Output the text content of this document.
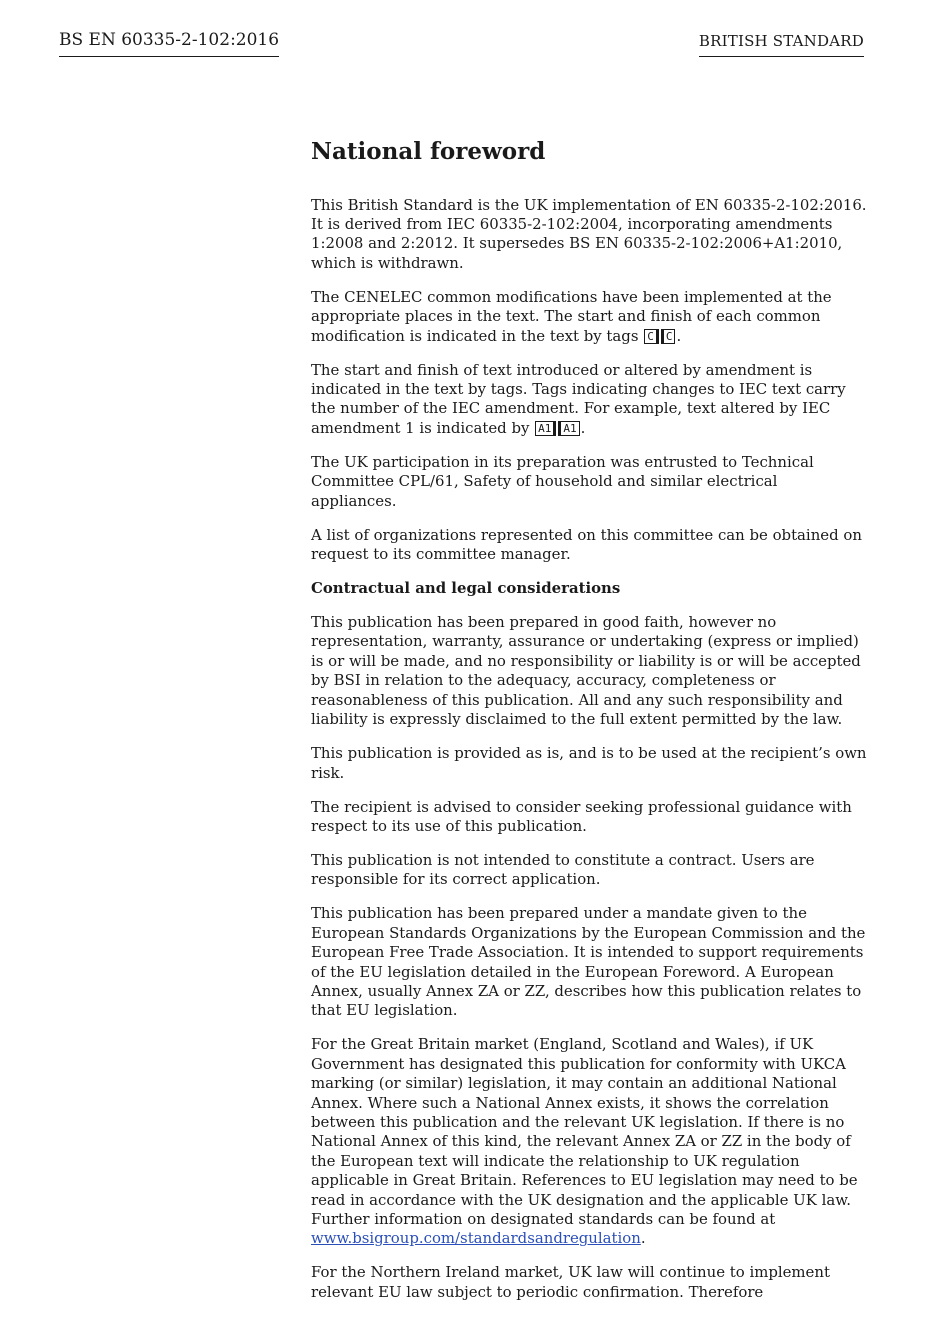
BS EN 60335-2-102:2016	BRITISH STANDARD
National foreword

This British Standard is the UK implementation of EN 60335-2-102:2016. It is derived from IEC 60335-2-102:2004, incorporating amendments 1:2008 and 2:2012. It supersedes BS EN 60335-2-102:2006+A1:2010, which is withdrawn.

The CENELEC common modifications have been implemented at the appropriate places in the text. The start and finish of each common modification is indicated in the text by tags C C .

The start and finish of text introduced or altered by amendment is indicated in the text by tags. Tags indicating changes to IEC text carry the number of the IEC amendment. For example, text altered by IEC amendment 1 is indicated by A1 A1 .

The UK participation in its preparation was entrusted to Technical Committee CPL/61, Safety of household and similar electrical appliances.

A list of organizations represented on this committee can be obtained on request to its committee manager.

Contractual and legal considerations

This publication has been prepared in good faith, however no representation, warranty, assurance or undertaking (express or implied) is or will be made, and no responsibility or liability is or will be accepted by BSI in relation to the adequacy, accuracy, completeness or reasonableness of this publication. All and any such responsibility and liability is expressly disclaimed to the full extent permitted by the law.

This publication is provided as is, and is to be used at the recipient’s own risk.

The recipient is advised to consider seeking professional guidance with respect to its use of this publication.

This publication is not intended to constitute a contract. Users are responsible for its correct application.

This publication has been prepared under a mandate given to the European Standards Organizations by the European Commission and the European Free Trade Association. It is intended to support requirements of the EU legislation detailed in the European Foreword. A European Annex, usually Annex ZA or ZZ, describes how this publication relates to that EU legislation.

For the Great Britain market (England, Scotland and Wales), if UK Government has designated this publication for conformity with UKCA marking (or similar) legislation, it may contain an additional National Annex. Where such a National Annex exists, it shows the correlation between this publication and the relevant UK legislation. If there is no National Annex of this kind, the relevant Annex ZA or ZZ in the body of the European text will indicate the relationship to UK regulation applicable in Great Britain. References to EU legislation may need to be read in accordance with the UK designation and the applicable UK law. Further information on designated standards can be found at www.bsigroup.com/standardsandregulation.

For the Northern Ireland market, UK law will continue to implement relevant EU law subject to periodic confirmation. Therefore
